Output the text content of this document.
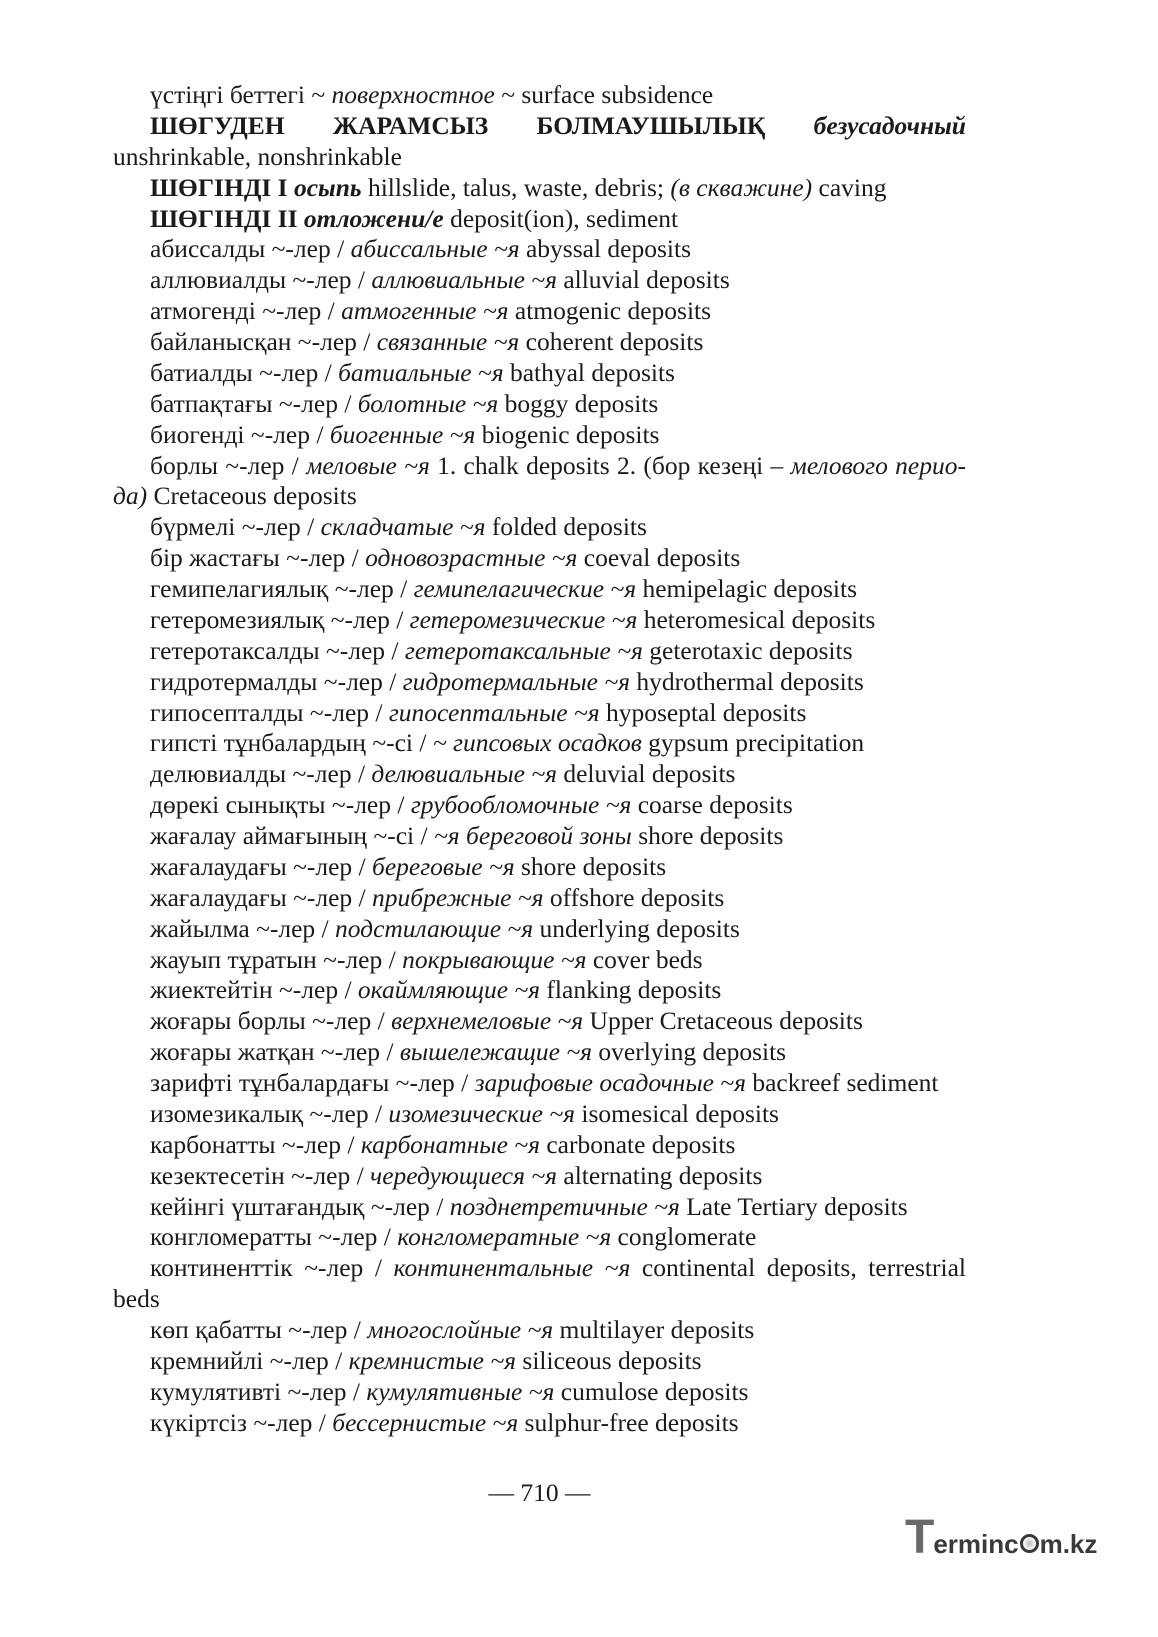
үстіңгі беттегі ~ поверхностное ~ surface subsidence
ШӨГУДЕН ЖАРАМСЫЗ БОЛМАУШЫЛЫҚ безусадочный
unshrinkable, nonshrinkable
ШӨГІНДІ I осыпь hillslide, talus, waste, debris; (в скважине) caving
ШӨГІНДІ II отложени/е deposit(ion), sediment
абиссалды ~-лер / абиссальные ~я abyssal deposits
аллювиалды ~-лер / аллювиальные ~я alluvial deposits
атмогенді ~-лер / атмогенные ~я atmogenic deposits
байланысқан ~-лер / связанные ~я coherent deposits
батиалды ~-лер / батиальные ~я bathyal deposits
батпақтағы ~-лер / болотные ~я boggy deposits
биогенді ~-лер / биогенные ~я biogenic deposits
борлы ~-лер / меловые ~я 1. chalk deposits 2. (бор кезеңі – мелового перио-
да) Cretaceous deposits
бүрмелі ~-лер / складчатые ~я folded deposits
бір жастағы ~-лер / одновозрастные ~я coeval deposits
гемипелагиялық ~-лер / гемипелагические ~я hemipelagic deposits
гетеромезиялық ~-лер / гетеромезические ~я heteromesical deposits
гетеротаксалды ~-лер / гетеротаксальные ~я geterotaxic deposits
гидротермалды ~-лер / гидротермальные ~я hydrothermal deposits
гипосепталды ~-лер / гипосептальные ~я hyposeptal deposits
гипсті тұнбалардың ~-сі / ~ гипсовых осадков gypsum precipitation
делювиалды ~-лер / делювиальные ~я deluvial deposits
дөрекі сынықты ~-лер / грубообломочные ~я coarse deposits
жағалау аймағының ~-сі / ~я береговой зоны shore deposits
жағалаудағы ~-лер / береговые ~я shore deposits
жағалаудағы ~-лер / прибрежные ~я offshore deposits
жайылма ~-лер / подстилающие ~я underlying deposits
жауып тұратын ~-лер / покрывающие ~я cover beds
жиектейтін ~-лер / окаймляющие ~я flanking deposits
жоғары борлы ~-лер / верхнемеловые ~я Upper Cretaceous deposits
жоғары жатқан ~-лер / вышележащие ~я overlying deposits
зарифті тұнбалардағы ~-лер / зарифовые осадочные ~я backreef sediment
изомезикалық ~-лер / изомезические ~я isomesical deposits
карбонатты ~-лер / карбонатные ~я carbonate deposits
кезектесетін ~-лер / чередующиеся ~я alternating deposits
кейінгі үштағандық ~-лер / позднетретичные ~я Late Tertiary deposits
конгломератты ~-лер / конгломератные ~я conglomerate
континенттік ~-лер / континентальные ~я continental deposits, terrestrial
beds
көп қабатты ~-лер / многослойные ~я multilayer deposits
кремнийлі ~-лер / кремнистые ~я siliceous deposits
кумулятивті ~-лер / кумулятивные ~я cumulose deposits
күкіртсіз ~-лер / бессернистые ~я sulphur-free deposits
— 710 —
T erminc m.kz
